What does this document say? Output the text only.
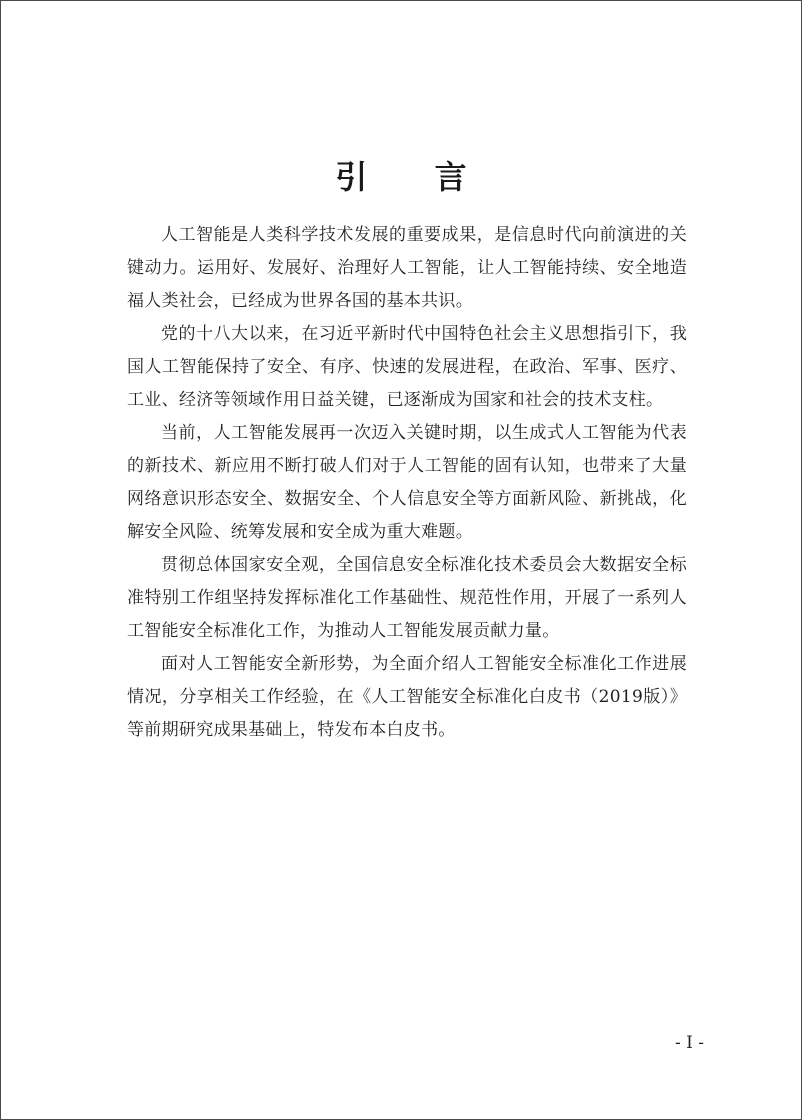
引 言

人工智能是人类科学技术发展的重要成果，是信息时代向前演进的关键动力。运用好、发展好、治理好人工智能，让人工智能持续、安全地造福人类社会，已经成为世界各国的基本共识。

党的十八大以来，在习近平新时代中国特色社会主义思想指引下，我国人工智能保持了安全、有序、快速的发展进程，在政治、军事、医疗、工业、经济等领域作用日益关键，已逐渐成为国家和社会的技术支柱。

当前，人工智能发展再一次迈入关键时期，以生成式人工智能为代表的新技术、新应用不断打破人们对于人工智能的固有认知，也带来了大量网络意识形态安全、数据安全、个人信息安全等方面新风险、新挑战，化解安全风险、统筹发展和安全成为重大难题。

贯彻总体国家安全观，全国信息安全标准化技术委员会大数据安全标准特别工作组坚持发挥标准化工作基础性、规范性作用，开展了一系列人工智能安全标准化工作，为推动人工智能发展贡献力量。

面对人工智能安全新形势，为全面介绍人工智能安全标准化工作进展情况，分享相关工作经验，在《人工智能安全标准化白皮书（2019版）》等前期研究成果基础上，特发布本白皮书。

- I -
